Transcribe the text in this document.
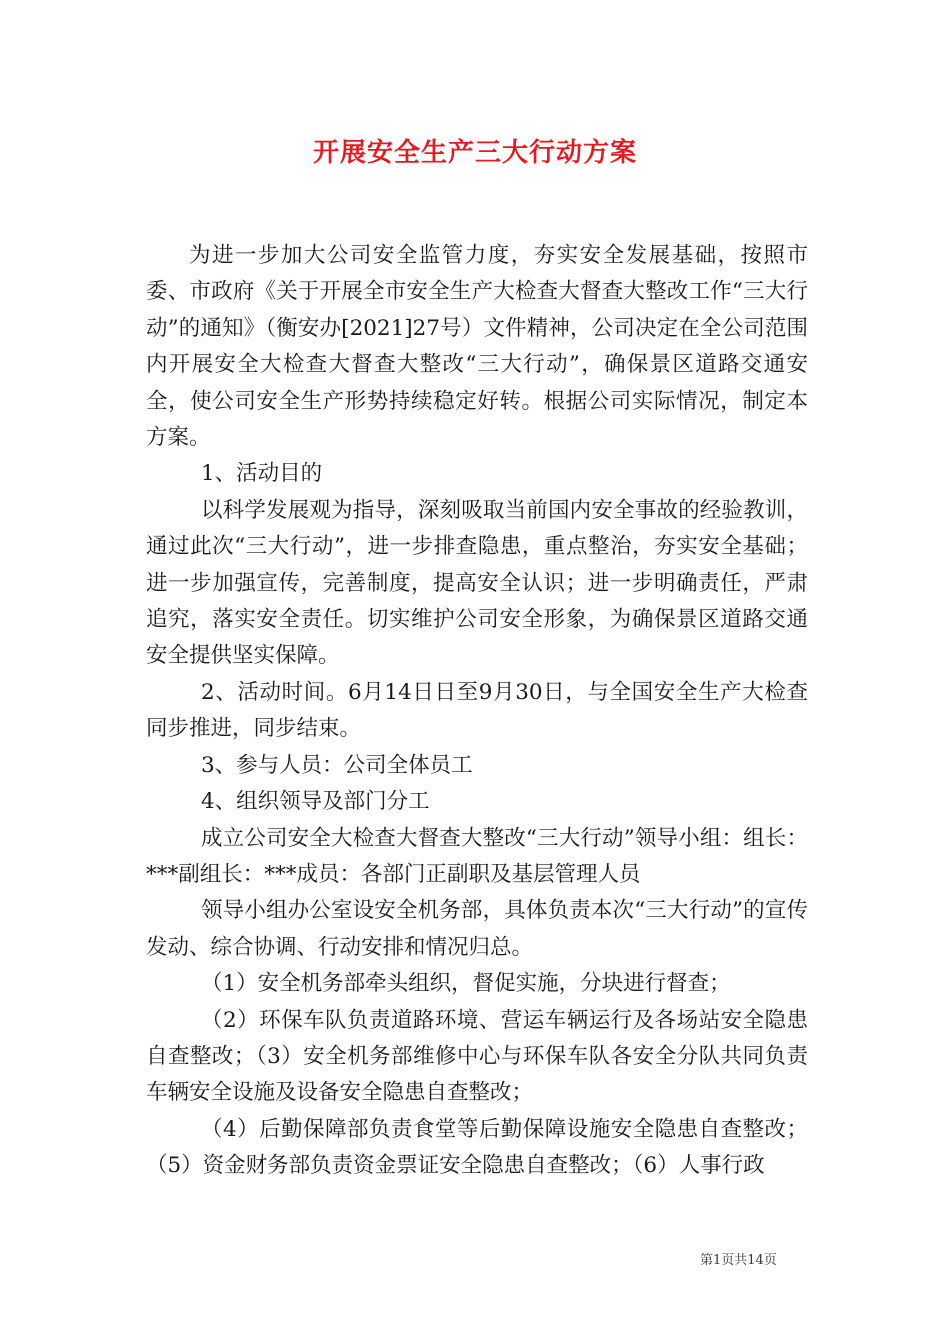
开展安全生产三大行动方案

为进一步加大公司安全监管力度，夯实安全发展基础，按照市委、市政府《关于开展全市安全生产大检查大督查大整改工作“三大行动”的通知》（衡安办[2021]27号）文件精神，公司决定在全公司范围内开展安全大检查大督查大整改“三大行动”，确保景区道路交通安全，使公司安全生产形势持续稳定好转。根据公司实际情况，制定本方案。

1、活动目的

以科学发展观为指导，深刻吸取当前国内安全事故的经验教训，通过此次“三大行动”，进一步排查隐患，重点整治，夯实安全基础；进一步加强宣传，完善制度，提高安全认识；进一步明确责任，严肃追究，落实安全责任。切实维护公司安全形象，为确保景区道路交通安全提供坚实保障。

2、活动时间。6月14日日至9月30日，与全国安全生产大检查同步推进，同步结束。

3、参与人员：公司全体员工

4、组织领导及部门分工

成立公司安全大检查大督查大整改“三大行动”领导小组：组长：***副组长：***成员：各部门正副职及基层管理人员

领导小组办公室设安全机务部，具体负责本次“三大行动”的宣传发动、综合协调、行动安排和情况归总。

（1）安全机务部牵头组织，督促实施，分块进行督查；

（2）环保车队负责道路环境、营运车辆运行及各场站安全隐患自查整改；（3）安全机务部维修中心与环保车队各安全分队共同负责车辆安全设施及设备安全隐患自查整改；

（4）后勤保障部负责食堂等后勤保障设施安全隐患自查整改；（5）资金财务部负责资金票证安全隐患自查整改；（6）人事行政

第1页共14页
